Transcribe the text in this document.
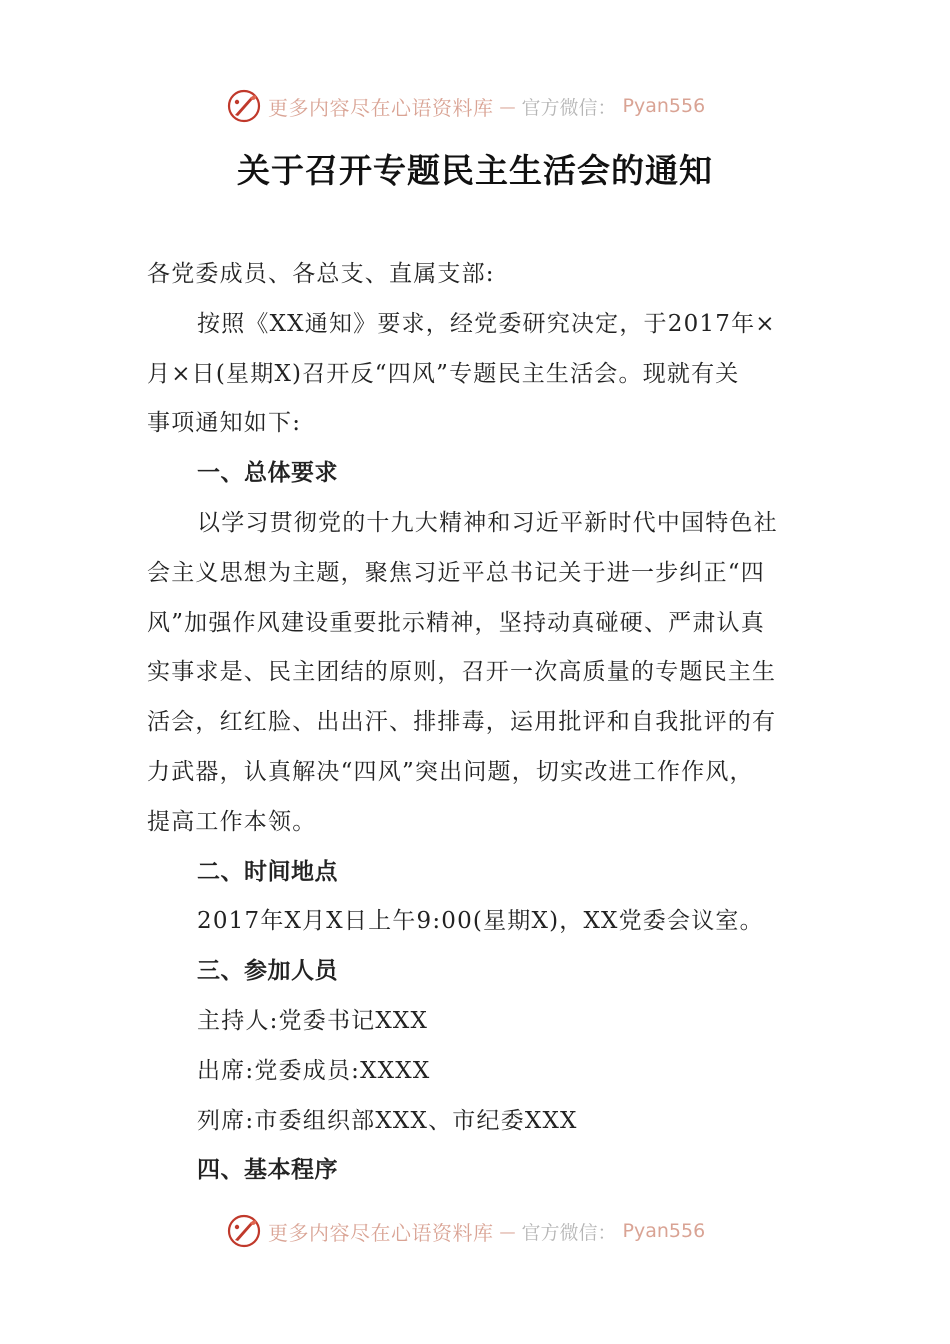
更多内容尽在心语资料库 — 官方微信： Pyan556
关于召开专题民主生活会的通知
各党委成员、各总支、直属支部:
按照《XX通知》要求，经党委研究决定，于2017年×
月×日(星期X)召开反“四风”专题民主生活会。现就有关
事项通知如下:
一、总体要求
以学习贯彻党的十九大精神和习近平新时代中国特色社
会主义思想为主题，聚焦习近平总书记关于进一步纠正“四
风”加强作风建设重要批示精神，坚持动真碰硬、严肃认真
实事求是、民主团结的原则，召开一次高质量的专题民主生
活会，红红脸、出出汗、排排毒，运用批评和自我批评的有
力武器，认真解决“四风”突出问题，切实改进工作作风，
提高工作本领。
二、时间地点
2017年X月X日上午9:00(星期X)，XX党委会议室。
三、参加人员
主持人:党委书记XXX
出席:党委成员:XXXX
列席:市委组织部XXX、市纪委XXX
四、基本程序
更多内容尽在心语资料库 — 官方微信： Pyan556
